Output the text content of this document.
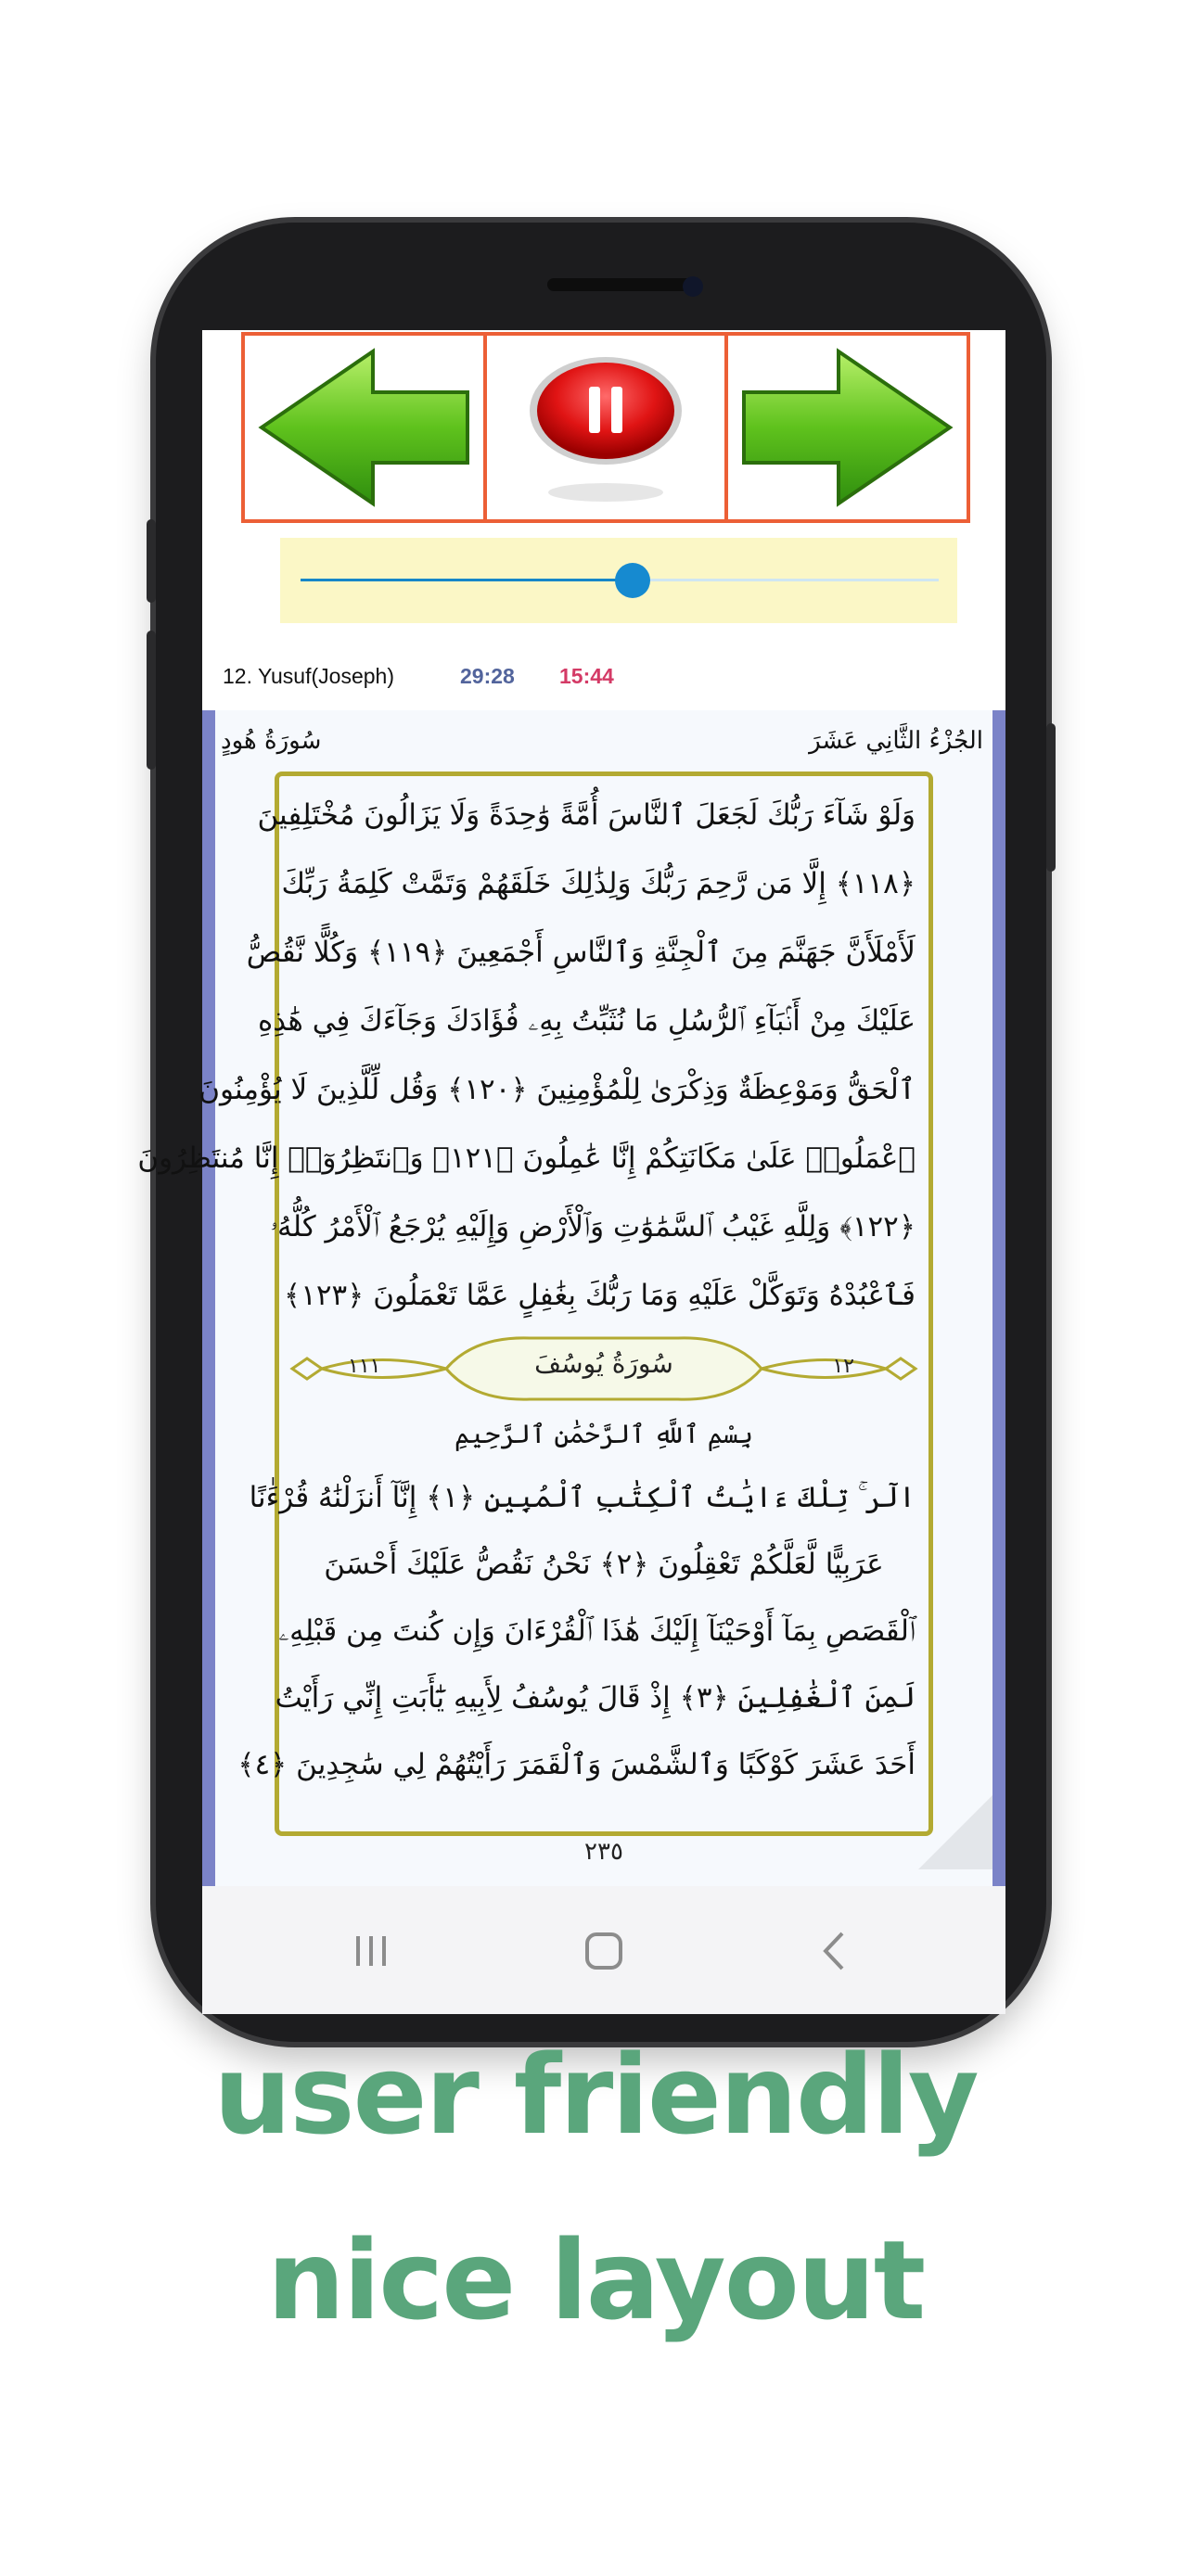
12. Yusuf(Joseph)	29:28 15:44
سُورَةُ هُودٍ	الجُزْءُ الثَّانِي عَشَرَ
وَلَوْ شَآءَ رَبُّكَ لَجَعَلَ ٱلنَّاسَ أُمَّةً وَٰحِدَةً وَلَا يَزَالُونَ مُخْتَلِفِينَ
﴿١١٨﴾ إِلَّا مَن رَّحِمَ رَبُّكَ وَلِذَٰلِكَ خَلَقَهُمْ وَتَمَّتْ كَلِمَةُ رَبِّكَ
لَأَمْلَأَنَّ جَهَنَّمَ مِنَ ٱلْجِنَّةِ وَٱلنَّاسِ أَجْمَعِينَ ﴿١١٩﴾ وَكُلًّا نَّقُصُّ
عَلَيْكَ مِنْ أَنۢبَآءِ ٱلرُّسُلِ مَا نُثَبِّتُ بِهِۦ فُؤَادَكَ وَجَآءَكَ فِي هَٰذِهِ
ٱلْحَقُّ وَمَوْعِظَةٌ وَذِكْرَىٰ لِلْمُؤْمِنِينَ ﴿١٢٠﴾ وَقُل لِّلَّذِينَ لَا يُؤْمِنُونَ
ٱعْمَلُوا۟ عَلَىٰ مَكَانَتِكُمْ إِنَّا عَٰمِلُونَ ﴿١٢١﴾ وَٱنتَظِرُوٓا۟ إِنَّا مُنتَظِرُونَ
﴿١٢٢﴾ وَلِلَّهِ غَيْبُ ٱلسَّمَٰوَٰتِ وَٱلْأَرْضِ وَإِلَيْهِ يُرْجَعُ ٱلْأَمْرُ كُلُّهُۥ
فَٱعْبُدْهُ وَتَوَكَّلْ عَلَيْهِ وَمَا رَبُّكَ بِغَٰفِلٍ عَمَّا تَعْمَلُونَ ﴿١٢٣﴾
١١١	سُورَةُ يُوسُفَ	١٢
بِسْمِ ٱللَّهِ ٱلرَّحْمَٰنِ ٱلرَّحِيمِ
الٓر ۚ تِلْكَ ءَايَٰتُ ٱلْكِتَٰبِ ٱلْمُبِينِ ﴿١﴾ إِنَّآ أَنزَلْنَٰهُ قُرْءَٰنًا
عَرَبِيًّا لَّعَلَّكُمْ تَعْقِلُونَ ﴿٢﴾ نَحْنُ نَقُصُّ عَلَيْكَ أَحْسَنَ
ٱلْقَصَصِ بِمَآ أَوْحَيْنَآ إِلَيْكَ هَٰذَا ٱلْقُرْءَانَ وَإِن كُنتَ مِن قَبْلِهِۦ
لَمِنَ ٱلْغَٰفِلِينَ ﴿٣﴾ إِذْ قَالَ يُوسُفُ لِأَبِيهِ يَٰٓأَبَتِ إِنِّي رَأَيْتُ
أَحَدَ عَشَرَ كَوْكَبًا وَٱلشَّمْسَ وَٱلْقَمَرَ رَأَيْتُهُمْ لِي سَٰجِدِينَ ﴿٤﴾
٢٣٥
user friendly
nice layout
